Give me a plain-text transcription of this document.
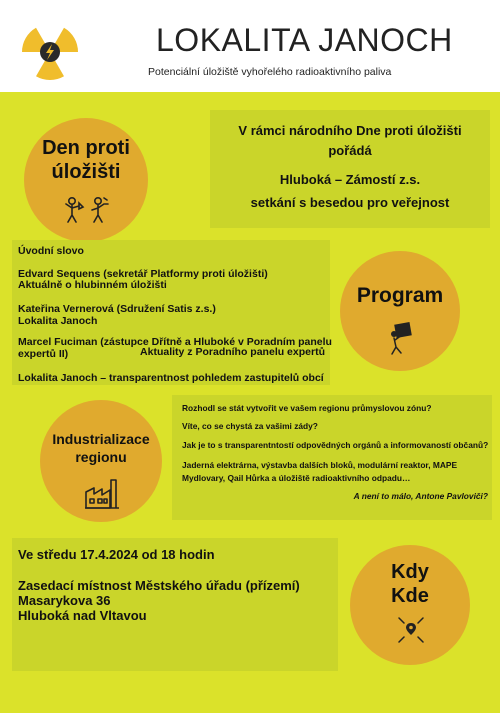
LOKALITA JANOCH
Potenciální úložiště vyhořelého radioaktivního paliva
Den proti
úložišti
V rámci národního Dne proti úložišti
pořádá
Hluboká – Zámostí z.s.
setkání s besedou pro veřejnost
Program
Úvodní slovo
Edvard Sequens (sekretář Platformy proti úložišti)
Aktuálně o hlubinném úložišti
Kateřina Vernerová (Sdružení Satis z.s.)
Lokalita Janoch
Marcel Fuciman (zástupce Dřítně a Hluboké v Poradním panelu
expertů II)	Aktuality z Poradního panelu expertů
Lokalita Janoch – transparentnost pohledem zastupitelů obcí
Industrializace
regionu
Rozhodl se stát vytvořit ve vašem regionu průmyslovou zónu?
Víte, co se chystá za vašimi zády?
Jak je to s transparentntostí odpovědných orgánů a informovaností občanů?
Jaderná elektrárna, výstavba dalších bloků, modulární reaktor, MAPE
Mydlovary, Qail Hůrka a úložiště radioaktivního odpadu…
A není to málo, Antone Pavloviči?
Kdy
Kde
Ve středu 17.4.2024 od 18 hodin
Zasedací místnost Městského úřadu (přízemí)
Masarykova 36
Hluboká nad Vltavou
